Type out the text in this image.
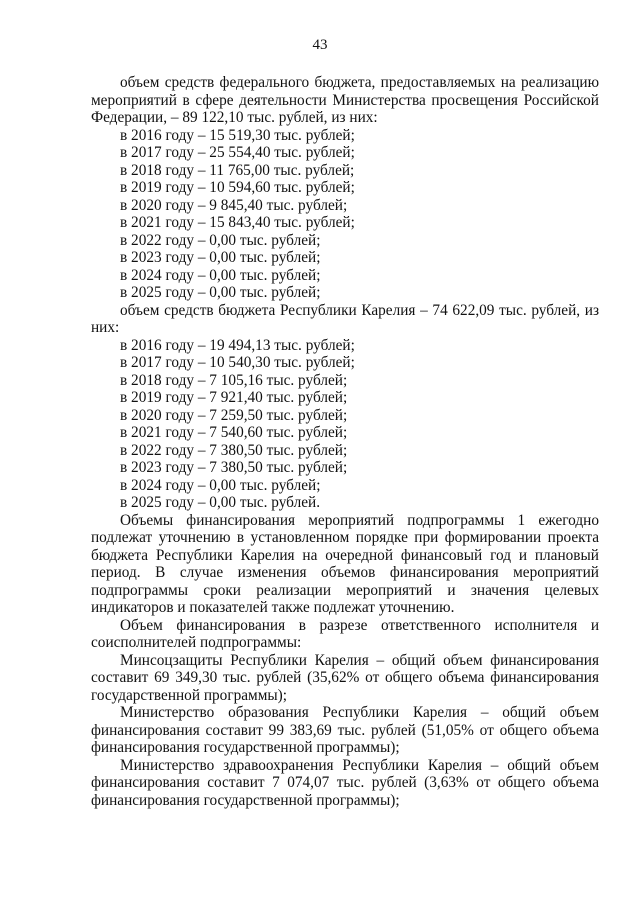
43

объем средств федерального бюджета, предоставляемых на реализацию мероприятий в сфере деятельности Министерства просвещения Российской Федерации, – 89 122,10 тыс. рублей, из них:

в 2016 году – 15 519,30 тыс. рублей;
в 2017 году – 25 554,40 тыс. рублей;
в 2018 году – 11 765,00 тыс. рублей;
в 2019 году – 10 594,60 тыс. рублей;
в 2020 году – 9 845,40 тыс. рублей;
в 2021 году – 15 843,40 тыс. рублей;
в 2022 году – 0,00 тыс. рублей;
в 2023 году – 0,00 тыс. рублей;
в 2024 году – 0,00 тыс. рублей;
в 2025 году – 0,00 тыс. рублей;

объем средств бюджета Республики Карелия – 74 622,09 тыс. рублей, из них:

в 2016 году – 19 494,13 тыс. рублей;
в 2017 году – 10 540,30 тыс. рублей;
в 2018 году – 7 105,16 тыс. рублей;
в 2019 году – 7 921,40 тыс. рублей;
в 2020 году – 7 259,50 тыс. рублей;
в 2021 году – 7 540,60 тыс. рублей;
в 2022 году – 7 380,50 тыс. рублей;
в 2023 году – 7 380,50 тыс. рублей;
в 2024 году – 0,00 тыс. рублей;
в 2025 году – 0,00 тыс. рублей.

Объемы финансирования мероприятий подпрограммы 1 ежегодно подлежат уточнению в установленном порядке при формировании проекта бюджета Республики Карелия на очередной финансовый год и плановый период. В случае изменения объемов финансирования мероприятий подпрограммы сроки реализации мероприятий и значения целевых индикаторов и показателей также подлежат уточнению.

Объем финансирования в разрезе ответственного исполнителя и соисполнителей подпрограммы:

Минсоцзащиты Республики Карелия – общий объем финансирования составит 69 349,30 тыс. рублей (35,62% от общего объема финансирования государственной программы);

Министерство образования Республики Карелия – общий объем финансирования составит 99 383,69 тыс. рублей (51,05% от общего объема финансирования государственной программы);

Министерство здравоохранения Республики Карелия – общий объем финансирования составит 7 074,07 тыс. рублей (3,63% от общего объема финансирования государственной программы);
